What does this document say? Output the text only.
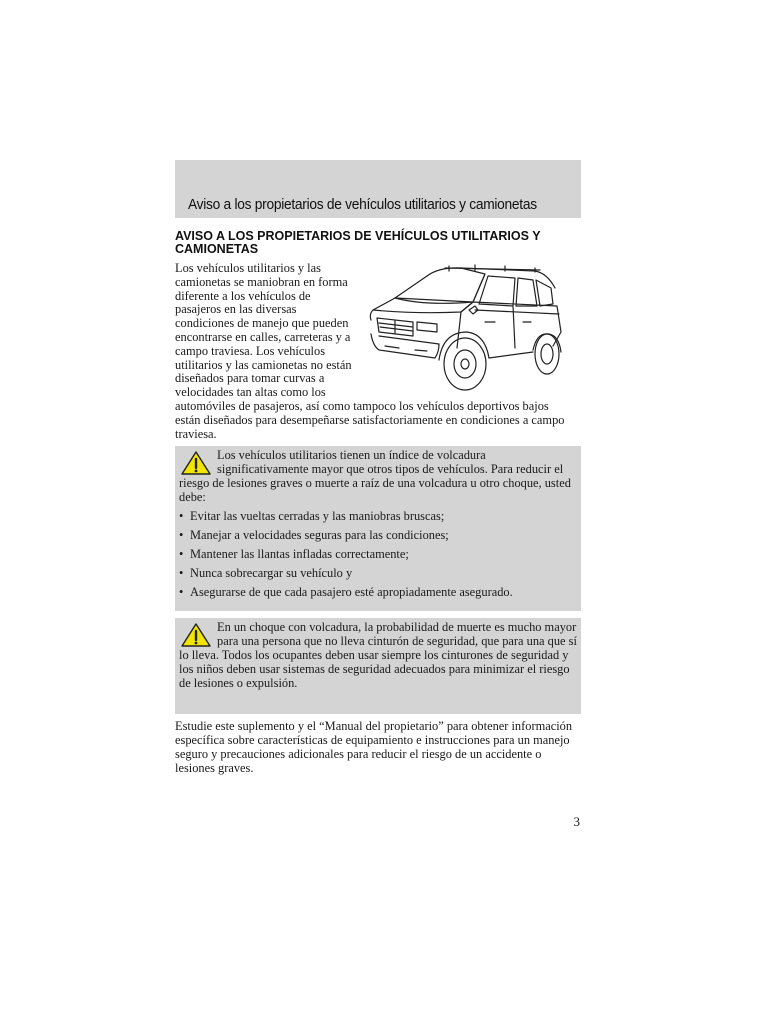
Aviso a los propietarios de vehículos utilitarios y camionetas
AVISO A LOS PROPIETARIOS DE VEHÍCULOS UTILITARIOS Y CAMIONETAS

Los vehículos utilitarios y las camionetas se maniobran en forma diferente a los vehículos de pasajeros en las diversas condiciones de manejo que pueden encontrarse en calles, carreteras y a campo traviesa. Los vehículos utilitarios y las camionetas no están diseñados para tomar curvas a velocidades tan altas como los automóviles de pasajeros, así como tampoco los vehículos deportivos bajos están diseñados para desempeñarse satisfactoriamente en condiciones a campo traviesa.

Los vehículos utilitarios tienen un índice de volcadura significativamente mayor que otros tipos de vehículos. Para reducir el riesgo de lesiones graves o muerte a raíz de una volcadura u otro choque, usted debe:

• Evitar las vueltas cerradas y las maniobras bruscas;
• Manejar a velocidades seguras para las condiciones;
• Mantener las llantas infladas correctamente;
• Nunca sobrecargar su vehículo y
• Asegurarse de que cada pasajero esté apropiadamente asegurado.

En un choque con volcadura, la probabilidad de muerte es mucho mayor para una persona que no lleva cinturón de seguridad, que para una que sí lo lleva. Todos los ocupantes deben usar siempre los cinturones de seguridad y los niños deben usar sistemas de seguridad adecuados para minimizar el riesgo de lesiones o expulsión.

Estudie este suplemento y el “Manual del propietario” para obtener información específica sobre características de equipamiento e instrucciones para un manejo seguro y precauciones adicionales para reducir el riesgo de un accidente o lesiones graves.

3
